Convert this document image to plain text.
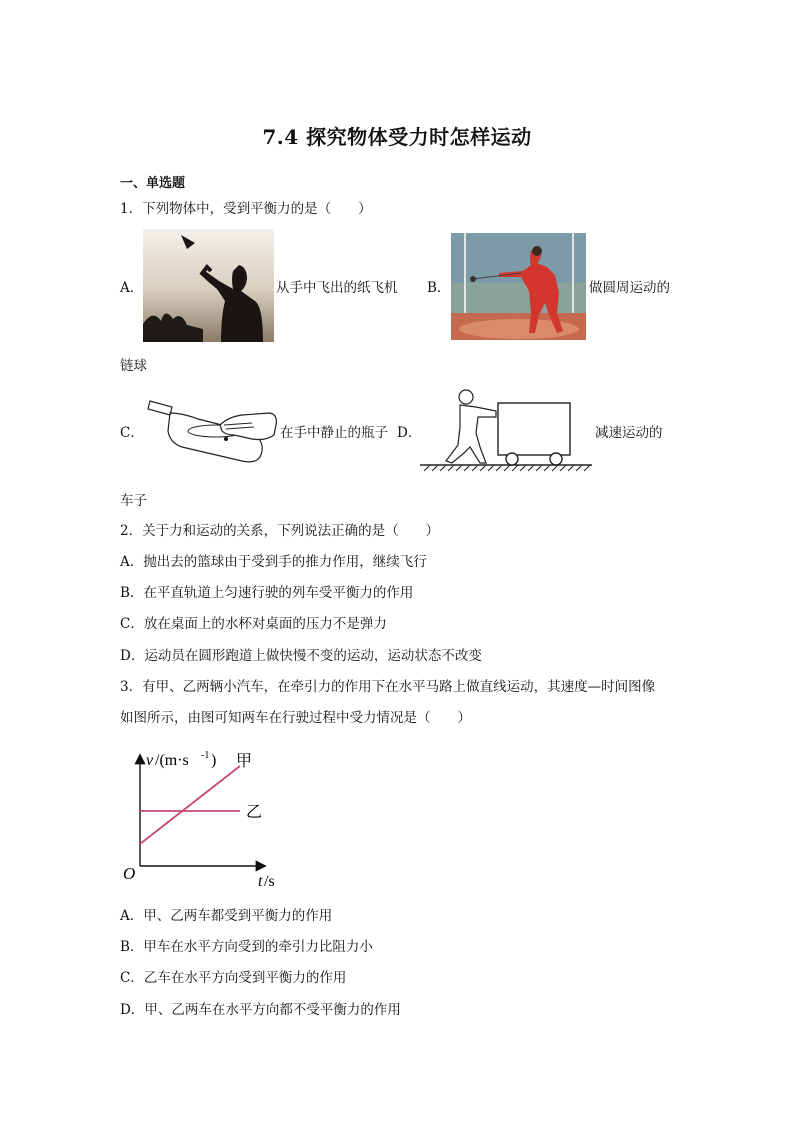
7.4 探究物体受力时怎样运动
一、单选题
1．下列物体中，受到平衡力的是（　　）
A．	从手中飞出的纸飞机 B．	做圆周运动的
链球
C．	在手中静止的瓶子 D．	减速运动的
车子
2．关于力和运动的关系，下列说法正确的是（　　）
A．抛出去的篮球由于受到手的推力作用，继续飞行
B．在平直轨道上匀速行驶的列车受平衡力的作用
C．放在桌面上的水杯对桌面的压力不是弹力
D．运动员在圆形跑道上做快慢不变的运动，运动状态不改变
3．有甲、乙两辆小汽车，在牵引力的作用下在水平马路上做直线运动，其速度—时间图像
如图所示，由图可知两车在行驶过程中受力情况是（　　）
v /(m·s -1 )
O	t /s
甲
乙
A．甲、乙两车都受到平衡力的作用
B．甲车在水平方向受到的牵引力比阻力小
C．乙车在水平方向受到平衡力的作用
D．甲、乙两车在水平方向都不受平衡力的作用
